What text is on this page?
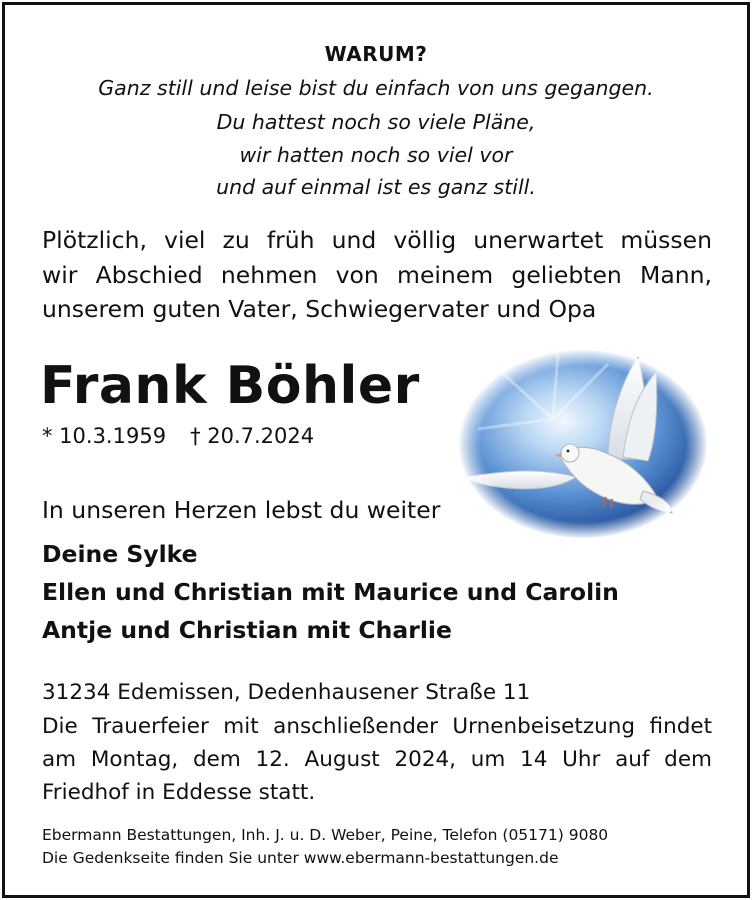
WARUM?
Ganz still und leise bist du einfach von uns gegangen.
Du hattest noch so viele Pläne,
wir hatten noch so viel vor
und auf einmal ist es ganz still.
Plötzlich, viel zu früh und völlig unerwartet müssen
wir Abschied nehmen von meinem geliebten Mann,
unserem guten Vater, Schwiegervater und Opa
Frank Böhler
* 10.3.1959 † 20.7.2024
In unseren Herzen lebst du weiter
Deine Sylke
Ellen und Christian mit Maurice und Carolin
Antje und Christian mit Charlie
31234 Edemissen, Dedenhausener Straße 11
Die Trauerfeier mit anschließender Urnenbeisetzung findet
am Montag, dem 12. August 2024, um 14 Uhr auf dem
Friedhof in Eddesse statt.
Ebermann Bestattungen, Inh. J. u. D. Weber, Peine, Telefon (05171) 9080
Die Gedenkseite finden Sie unter www.ebermann-bestattungen.de
